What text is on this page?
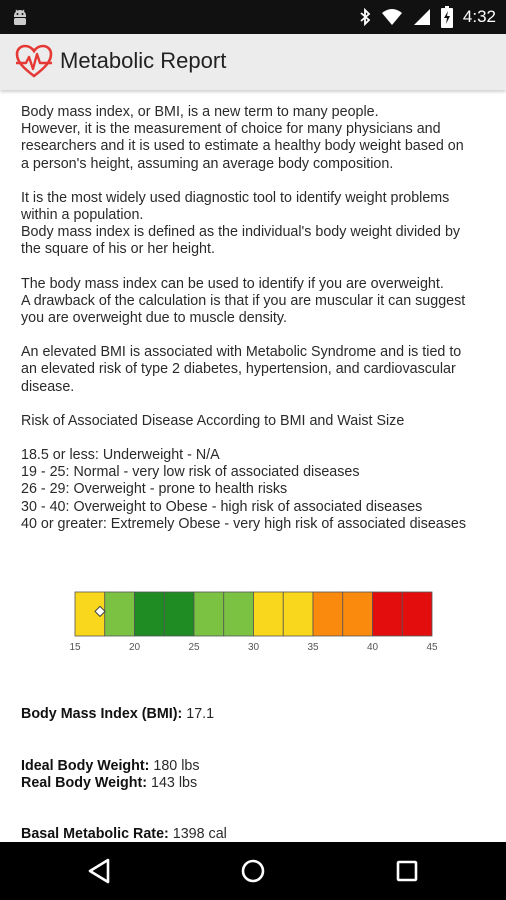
4:32
Metabolic Report
Body mass index, or BMI, is a new term to many people.
However, it is the measurement of choice for many physicians and
researchers and it is used to estimate a healthy body weight based on
a person's height, assuming an average body composition.
It is the most widely used diagnostic tool to identify weight problems
within a population.
Body mass index is defined as the individual's body weight divided by
the square of his or her height.
The body mass index can be used to identify if you are overweight.
A drawback of the calculation is that if you are muscular it can suggest
you are overweight due to muscle density.
An elevated BMI is associated with Metabolic Syndrome and is tied to
an elevated risk of type 2 diabetes, hypertension, and cardiovascular
disease.
Risk of Associated Disease According to BMI and Waist Size
18.5 or less: Underweight - N/A
19 - 25: Normal - very low risk of associated diseases
26 - 29: Overweight - prone to health risks
30 - 40: Overweight to Obese - high risk of associated diseases
40 or greater: Extremely Obese - very high risk of associated diseases
15	20	25	30	35	40	45
Body Mass Index (BMI): 17.1
Ideal Body Weight: 180 lbs
Real Body Weight: 143 lbs
Basal Metabolic Rate: 1398 cal
